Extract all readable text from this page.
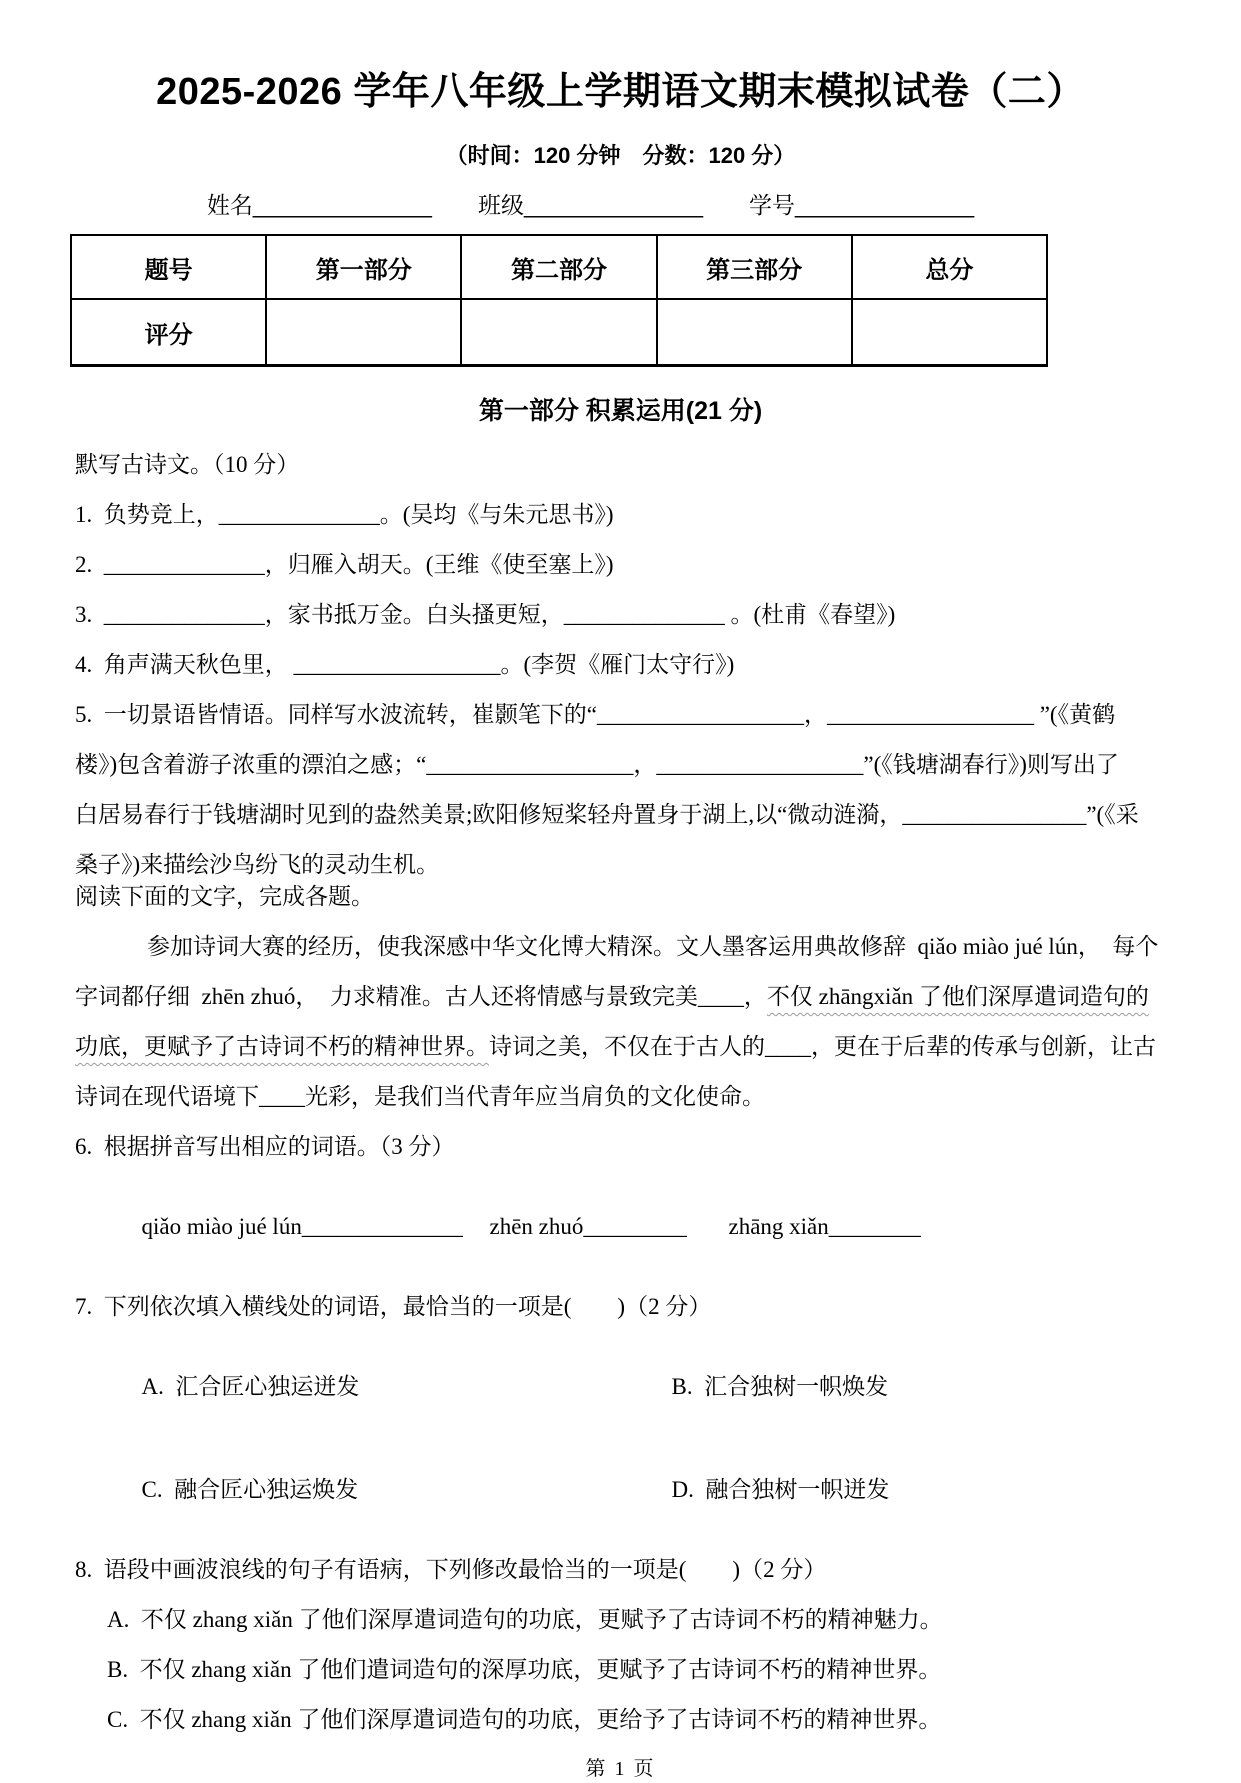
2025-2026 学年八年级上学期语文期末模拟试卷（二）
（时间：120 分钟　分数：120 分）
姓名______________ 班级______________ 学号______________
题号	第一部分	第二部分	第三部分	总分
评分				
第一部分 积累运用(21 分)
默写古诗文。（10 分）
1.  负势竞上，______________。(吴均《与朱元思书》)
2.  ______________，归雁入胡天。(王维《使至塞上》)
3.  ______________，家书抵万金。白头搔更短，______________ 。(杜甫《春望》)
4.  角声满天秋色里， __________________。(李贺《雁门太守行》)
5.  一切景语皆情语。同样写水波流转，崔颢笔下的“__________________，__________________ ”(《黄鹤
楼》)包含着游子浓重的漂泊之感；“__________________，__________________”(《钱塘湖春行》)则写出了
白居易春行于钱塘湖时见到的盎然美景;欧阳修短桨轻舟置身于湖上,以“微动涟漪，________________”(《采
桑子》)来描绘沙鸟纷飞的灵动生机。
阅读下面的文字，完成各题。
参加诗词大赛的经历，使我深感中华文化博大精深。文人墨客运用典故修辞  qiǎo miào jué lún，  每个
字词都仔细  zhēn zhuó，  力求精准。古人还将情感与景致完美____，不仅 zhāngxiǎn 了他们深厚遣词造句的
功底，更赋予了古诗词不朽的精神世界。诗词之美，不仅在于古人的____，更在于后辈的传承与创新，让古
诗词在现代语境下____光彩，是我们当代青年应当肩负的文化使命。
6.  根据拼音写出相应的词语。（3 分）

qiǎo miào jué lún______________ zhēn zhuó_________ zhāng xiǎn________

7.  下列依次填入横线处的词语，最恰当的一项是(　　)（2 分）

A.  汇合匠心独运迸发	B.  汇合独树一帜焕发

C.  融合匠心独运焕发	D.  融合独树一帜迸发

8.  语段中画波浪线的句子有语病，下列修改最恰当的一项是(　　)（2 分）
A.  不仅 zhang xiǎn 了他们深厚遣词造句的功底，更赋予了古诗词不朽的精神魅力。
B.  不仅 zhang xiǎn 了他们遣词造句的深厚功底，更赋予了古诗词不朽的精神世界。
C.  不仅 zhang xiǎn 了他们深厚遣词造句的功底，更给予了古诗词不朽的精神世界。
第 1 页
